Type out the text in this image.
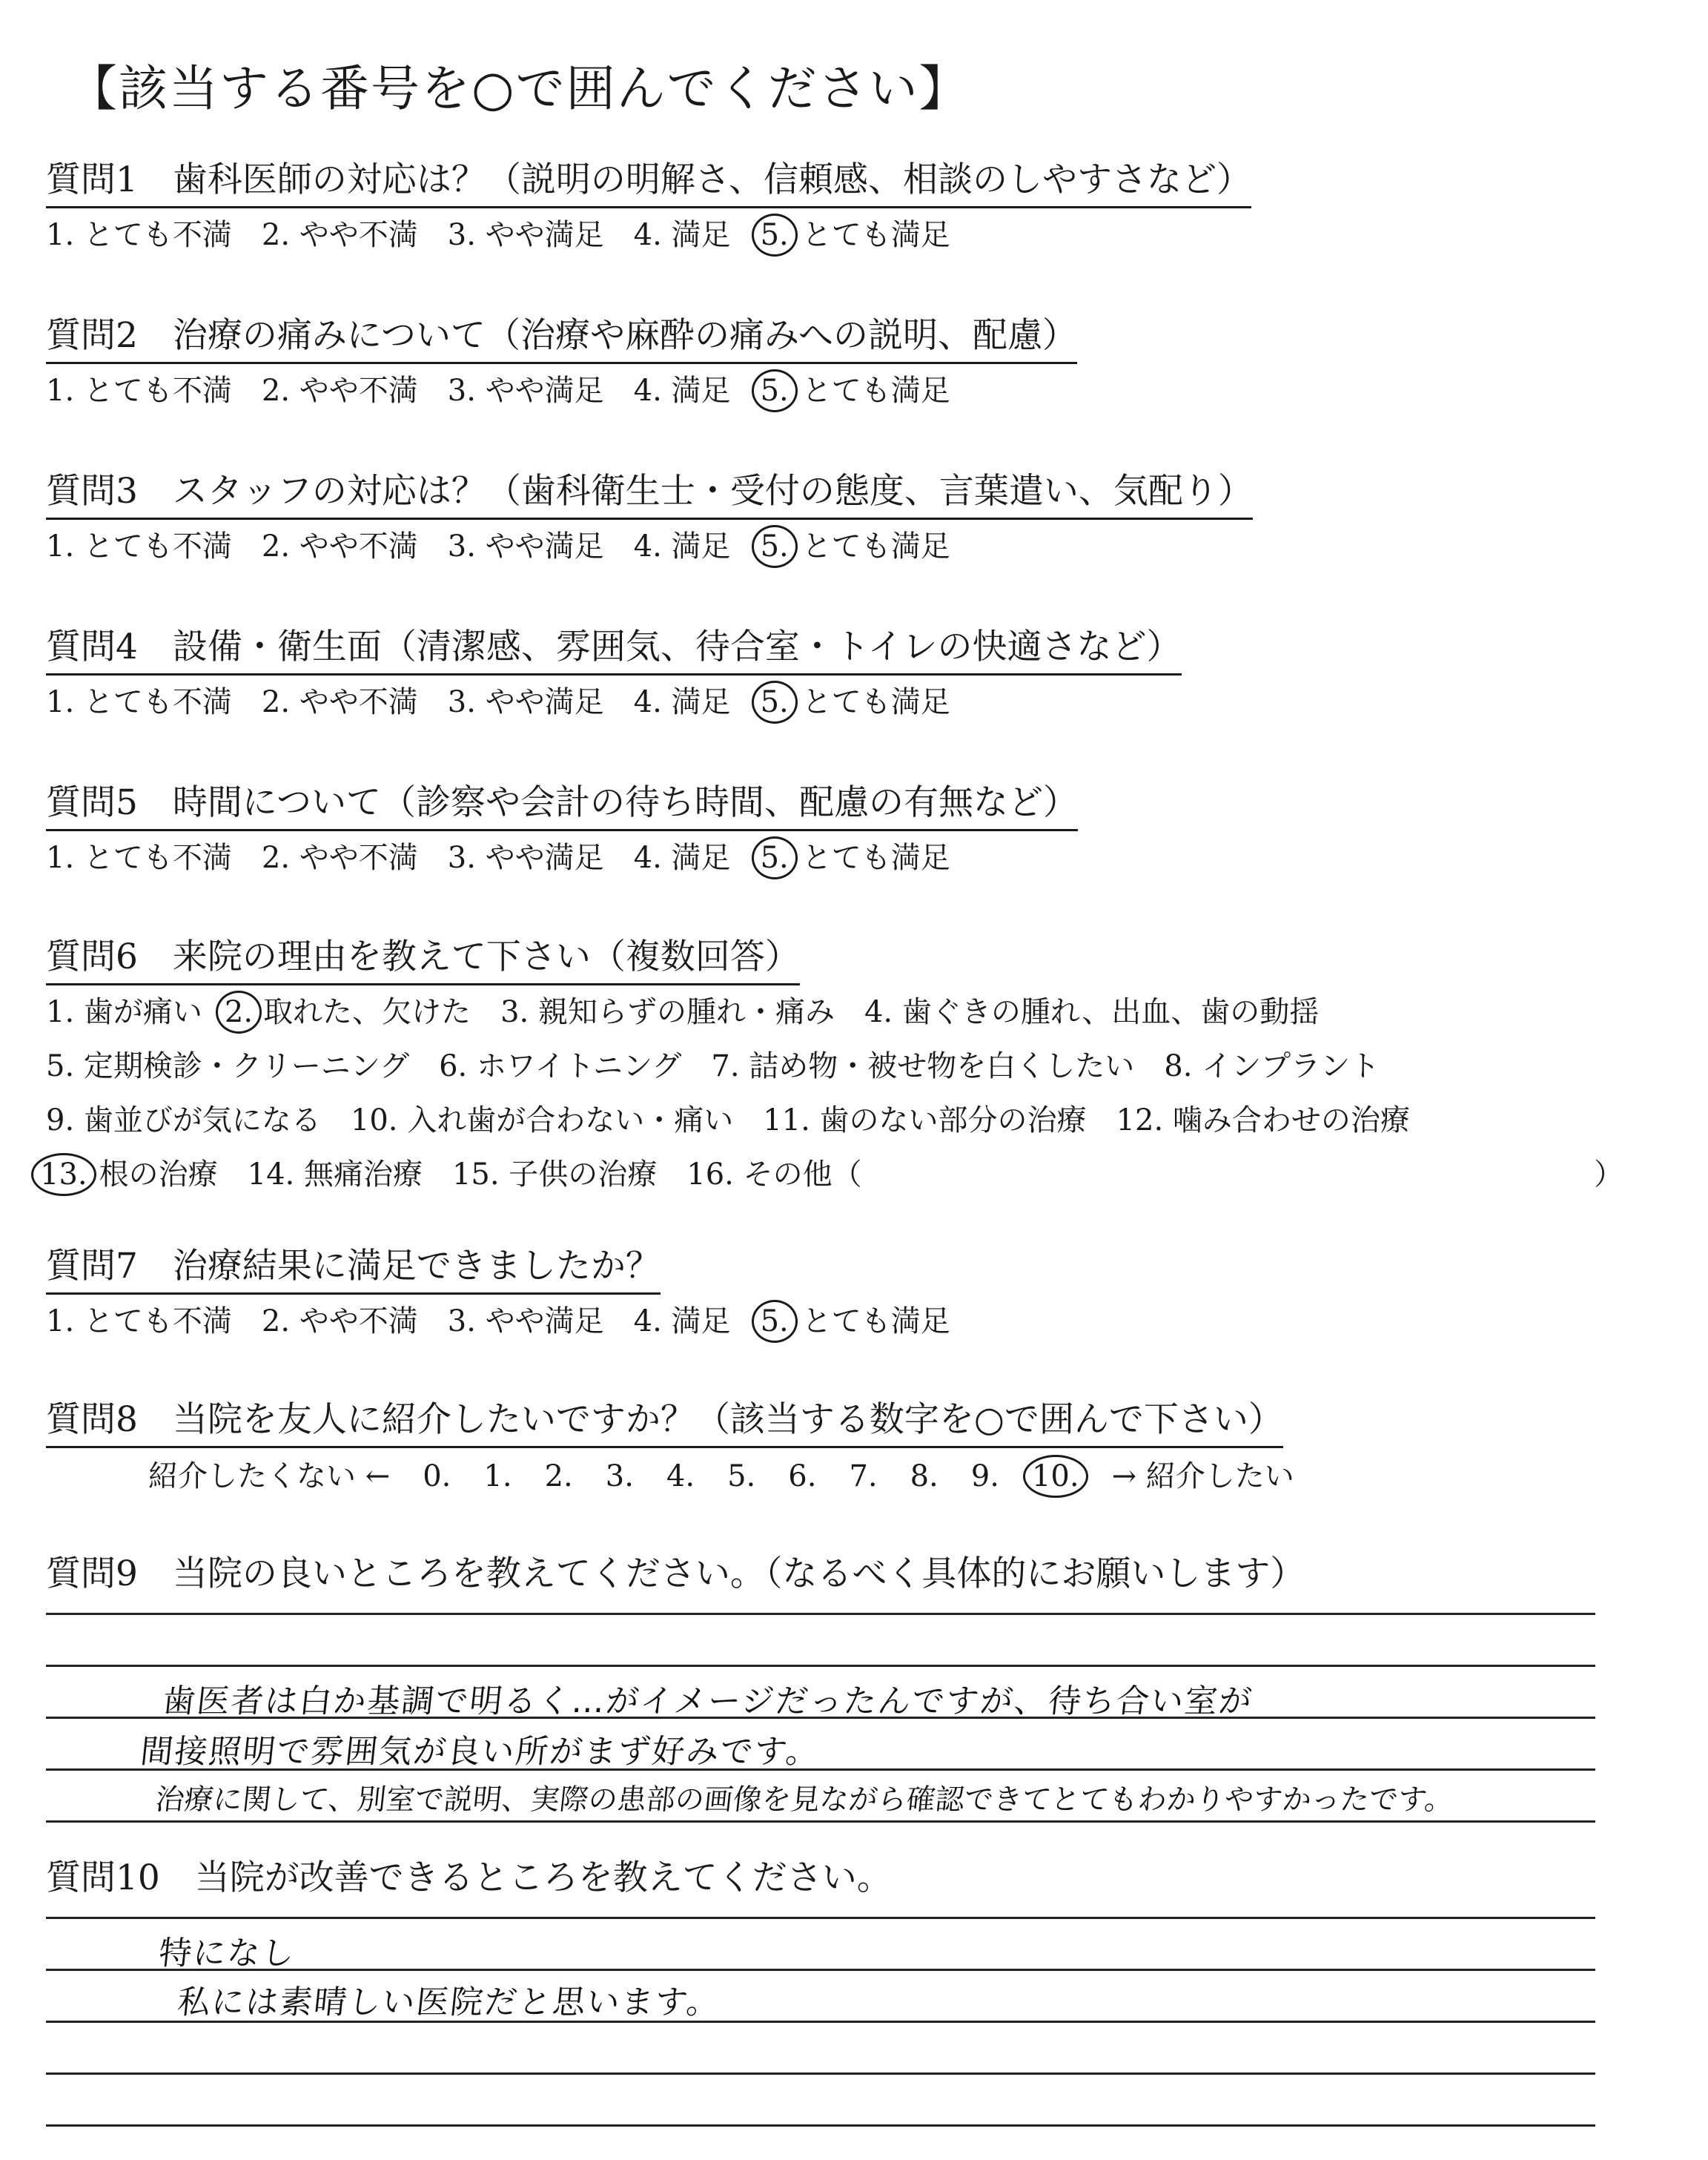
【該当する番号を○で囲んでください】
質問1　歯科医師の対応は？（説明の明解さ、信頼感、相談のしやすさなど）
1. とても不満 2. やや不満 3. やや満足 4. 満足 5. とても満足
質問2　治療の痛みについて（治療や麻酔の痛みへの説明、配慮）
1. とても不満 2. やや不満 3. やや満足 4. 満足 5. とても満足
質問3　スタッフの対応は？（歯科衛生士・受付の態度、言葉遣い、気配り）
1. とても不満 2. やや不満 3. やや満足 4. 満足 5. とても満足
質問4　設備・衛生面（清潔感、雰囲気、待合室・トイレの快適さなど）
1. とても不満 2. やや不満 3. やや満足 4. 満足 5. とても満足
質問5　時間について（診察や会計の待ち時間、配慮の有無など）
1. とても不満 2. やや不満 3. やや満足 4. 満足 5. とても満足
質問6　来院の理由を教えて下さい（複数回答）
1. 歯が痛い 2. 取れた、欠けた 3. 親知らずの腫れ・痛み 4. 歯ぐきの腫れ、出血、歯の動揺
5. 定期検診・クリーニング 6. ホワイトニング 7. 詰め物・被せ物を白くしたい 8. インプラント
9. 歯並びが気になる 10. 入れ歯が合わない・痛い 11. 歯のない部分の治療 12. 噛み合わせの治療
13. 根の治療 14. 無痛治療 15. 子供の治療 16. その他（	）
質問7　治療結果に満足できましたか？
1. とても不満 2. やや不満 3. やや満足 4. 満足 5. とても満足
質問8　当院を友人に紹介したいですか？（該当する数字を○で囲んで下さい）
紹介したくない ← 0. 1. 2. 3. 4. 5. 6. 7. 8. 9. 10. → 紹介したい
質問9　当院の良いところを教えてください。（なるべく具体的にお願いします）
歯医者は白か基調で明るく…がイメージだったんですが、待ち合い室が
間接照明で雰囲気が良い所がまず好みです。
治療に関して、別室で説明、実際の患部の画像を見ながら確認できてとてもわかりやすかったです。
質問10　当院が改善できるところを教えてください。
特になし
私には素晴しい医院だと思います。
